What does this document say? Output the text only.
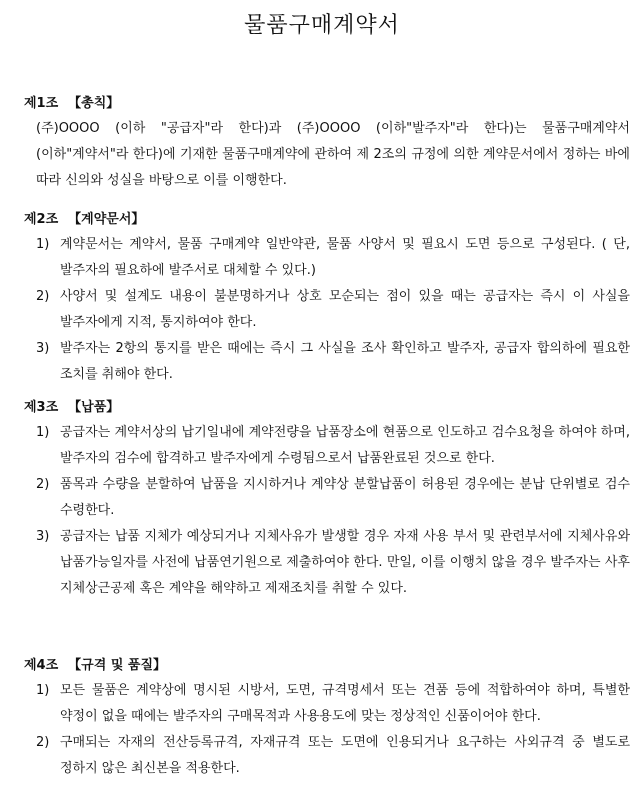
물품구매계약서
제1조 【총칙】

(주)OOOO (이하 "공급자"라 한다)과 (주)OOOO (이하"발주자"라 한다)는 물품구매계약서(이하"계약서"라 한다)에 기재한 물품구매계약에 관하여 제 2조의 규정에 의한 계약문서에서 정하는 바에 따라 신의와 성실을 바탕으로 이를 이행한다.

제2조 【계약문서】
1) 계약문서는 계약서, 물품 구매계약 일반약관, 물품 사양서 및 필요시 도면 등으로 구성된다. ( 단, 발주자의 필요하에 발주서로 대체할 수 있다.)
2) 사양서 및 설계도 내용이 불분명하거나 상호 모순되는 점이 있을 때는 공급자는 즉시 이 사실을 발주자에게 지적, 통지하여야 한다.
3) 발주자는 2항의 통지를 받은 때에는 즉시 그 사실을 조사 확인하고 발주자, 공급자 합의하에 필요한 조치를 취해야 한다.
제3조 【납품】
1) 공급자는 계약서상의 납기일내에 계약전량을 납품장소에 현품으로 인도하고 검수요청을 하여야 하며, 발주자의 검수에 합격하고 발주자에게 수령됨으로서 납품완료된 것으로 한다.
2) 품목과 수량을 분할하여 납품을 지시하거나 계약상 분할납품이 허용된 경우에는 분납 단위별로 검수 수령한다.
3) 공급자는 납품 지체가 예상되거나 지체사유가 발생할 경우 자재 사용 부서 및 관련부서에 지체사유와 납품가능일자를 사전에 납품연기원으로 제출하여야 한다. 만일, 이를 이행치 않을 경우 발주자는 사후 지체상근공제 혹은 계약을 해약하고 제재조치를 취할 수 있다.
제4조 【규격 및 품질】
1) 모든 물품은 계약상에 명시된 시방서, 도면, 규격명세서 또는 견품 등에 적합하여야 하며, 특별한 약정이 없을 때에는 발주자의 구매목적과 사용용도에 맞는 정상적인 신품이어야 한다.
2) 구매되는 자재의 전산등록규격, 자재규격 또는 도면에 인용되거나 요구하는 사외규격 중 별도로 정하지 않은 최신본을 적용한다.
